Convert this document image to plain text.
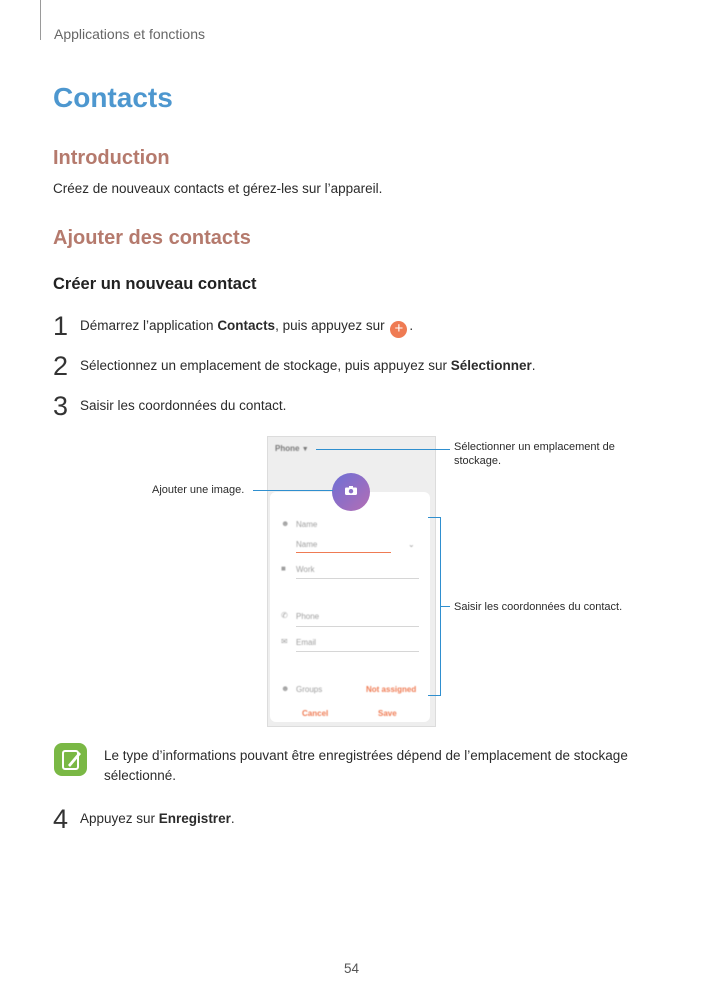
Applications et fonctions
Contacts
Introduction
Créez de nouveaux contacts et gérez-les sur l’appareil.
Ajouter des contacts
Créer un nouveau contact
1 Démarrez l’application Contacts, puis appuyez sur + .
2 Sélectionnez un emplacement de stockage, puis appuyez sur Sélectionner.
3 Saisir les coordonnées du contact.
Phone ▼
☻ Name
Name	⌄
■ Work
✆ Phone
✉ Email
☻ Groups	Not assigned
Cancel	Save
Sélectionner un emplacement de stockage.
Ajouter une image.
Saisir les coordonnées du contact.
Le type d’informations pouvant être enregistrées dépend de l’emplacement de stockage sélectionné.
4 Appuyez sur Enregistrer.
54
